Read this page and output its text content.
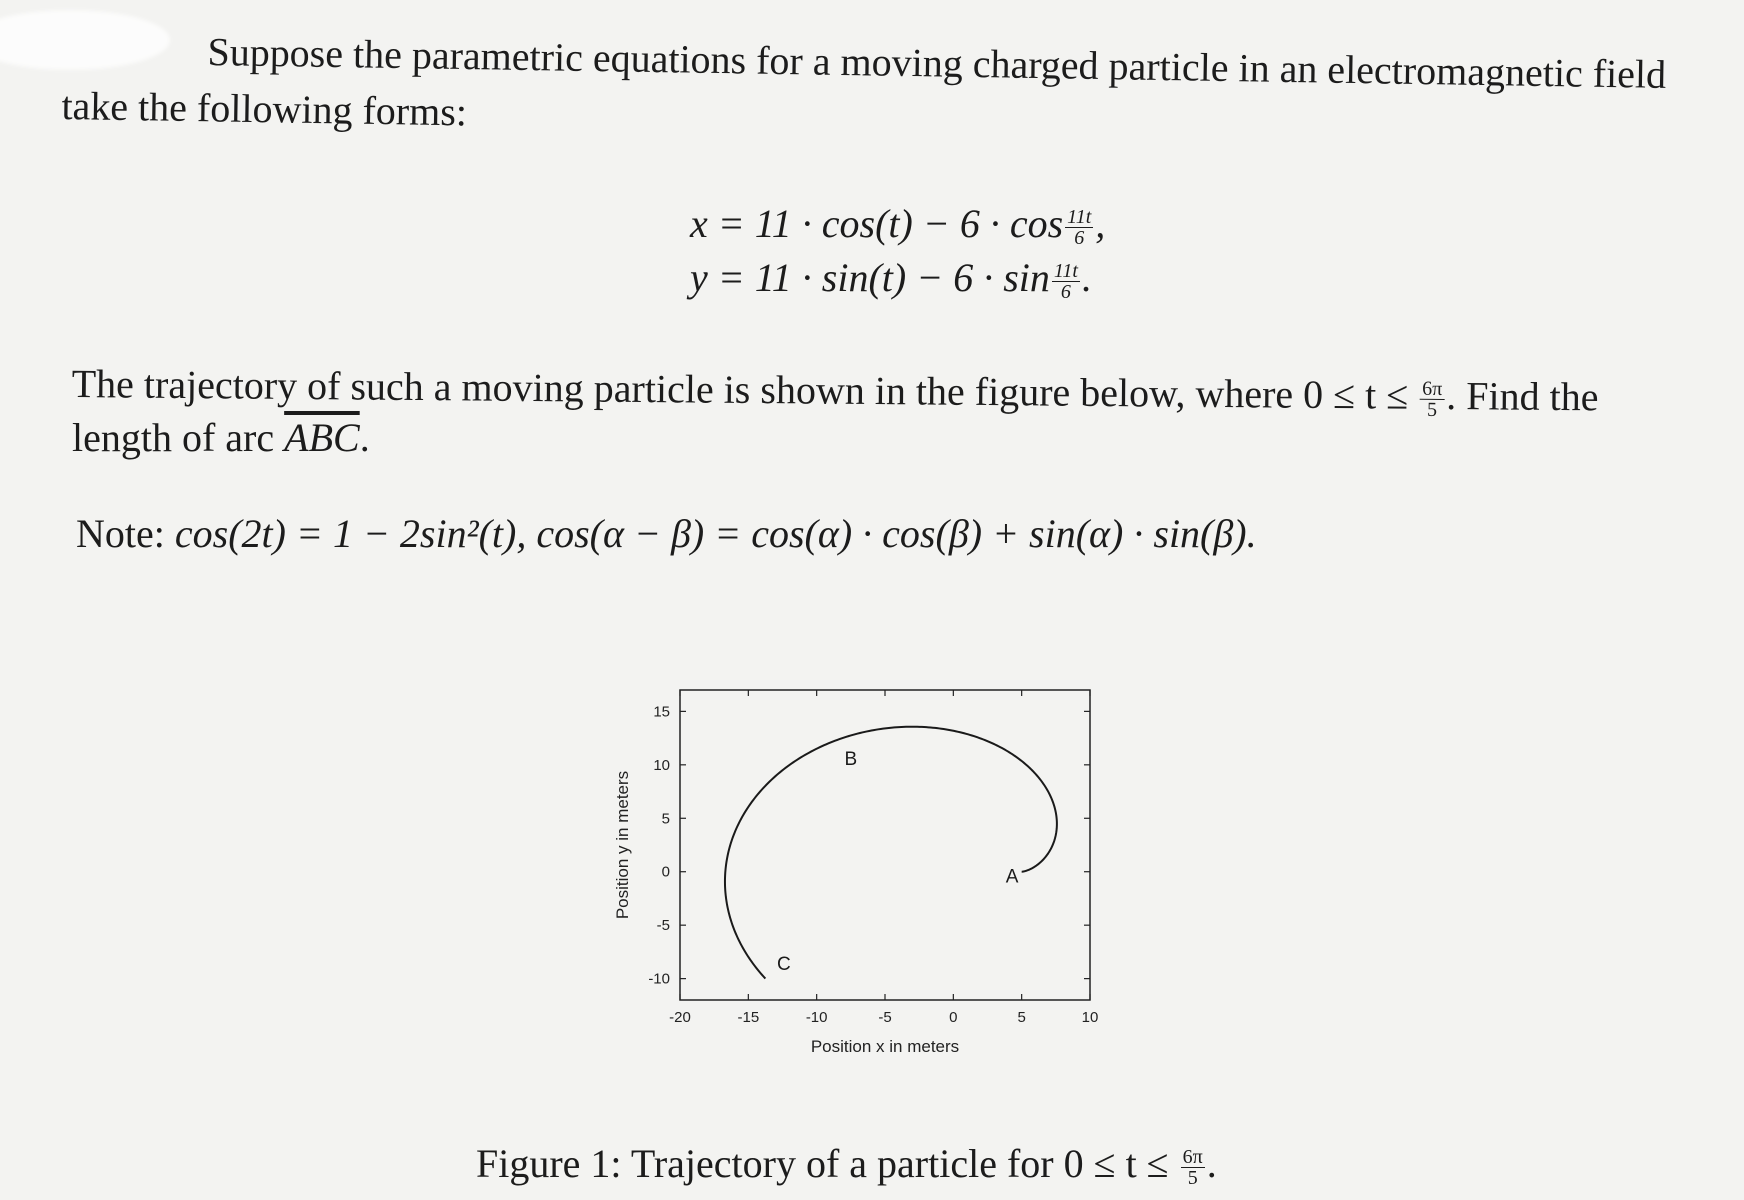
Suppose the parametric equations for a moving charged particle in an electromagnetic field

take the following forms:

$x = 11 \cdot \cos(t) - 6 \cdot \cos \frac{11t}{6}$ ,
$y = 11 \cdot \sin(t) - 6 \cdot \sin \frac{11t}{6}$ .

The trajectory of such a moving particle is shown in the figure below, where $0 \le t \le \frac{6\pi}{5}$ . Find the

length of arc $\overline{ABC}$.

Note: cos(2t) = 1 − 2sin²(t), cos(α − β) = cos(α) · cos(β) + sin(α) · sin(β).
-20	-15	-10	-5	0	5	10
-10
-5
0
5
10
15
Position x in meters
Position y in meters	A
B
C
Figure 1: Trajectory of a particle for $0 \le t \le \frac{6\pi}{5}$ .
